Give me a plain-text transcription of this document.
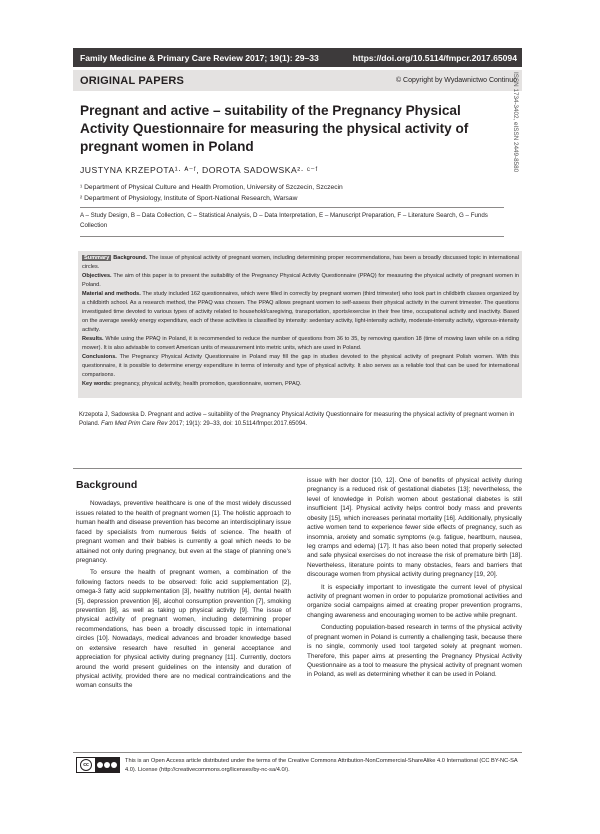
Family Medicine & Primary Care Review 2017; 19(1): 29–33	https://doi.org/10.5114/fmpcr.2017.65094
ORIGINAL PAPERS	© Copyright by Wydawnictwo Continuo
ISSN 1734-3402, eISSN 2449-8580
Pregnant and active – suitability of the Pregnancy Physical Activity Questionnaire for measuring the physical activity of pregnant women in Poland
JUSTYNA KRZEPOTA¹· ᴬ⁻ᶠ, DOROTA SADOWSKA²· ᶜ⁻ᶠ
¹ Department of Physical Culture and Health Promotion, University of Szczecin, Szczecin
² Department of Physiology, Institute of Sport-National Research, Warsaw
A – Study Design, B – Data Collection, C – Statistical Analysis, D – Data Interpretation, E – Manuscript Preparation, F – Literature Search, G – Funds Collection

Summary Background. The issue of physical activity of pregnant women, including determining proper recommendations, has been a broadly discussed topic in international circles.

Objectives. The aim of this paper is to present the suitability of the Pregnancy Physical Activity Questionnaire (PPAQ) for measuring the physical activity of pregnant women in Poland.

Material and methods. The study included 162 questionnaires, which were filled in correctly by pregnant women (third trimester) who took part in childbirth classes organized by a childbirth school. As a research method, the PPAQ was chosen. The PPAQ allows pregnant women to self-assess their physical activity in the current trimester. The questions investigated time devoted to various types of activity related to household/caregiving, transportation, sports/exercise in their free time, occupational activity and inactivity. Based on the average weekly energy expenditure, each of these activities is classified by intensity: sedentary activity, light-intensity activity, moderate-intensity activity, vigorous-intensity activity.

Results. While using the PPAQ in Poland, it is recommended to reduce the number of questions from 36 to 35, by removing question 18 (time of mowing lawn while on a riding mower). It is also advisable to convert American units of measurement into metric units, which are used in Poland.

Conclusions. The Pregnancy Physical Activity Questionnaire in Poland may fill the gap in studies devoted to the physical activity of pregnant Polish women. With this questionnaire, it is possible to determine energy expenditure in terms of intensity and type of physical activity. It also serves as a reliable tool that can be used for international comparisons.

Key words: pregnancy, physical activity, health promotion, questionnaire, women, PPAQ.

Krzepota J, Sadowska D. Pregnant and active – suitability of the Pregnancy Physical Activity Questionnaire for measuring the physical activity of pregnant women in Poland. Fam Med Prim Care Rev 2017; 19(1): 29–33, doi: 10.5114/fmpcr.2017.65094.
Background

Nowadays, preventive healthcare is one of the most widely discussed issues related to the health of pregnant women [1]. The holistic approach to human health and disease prevention has become an interdisciplinary issue faced by specialists from numerous fields of science. The health of pregnant women and their babies is currently a goal which needs to be attained not only during pregnancy, but even at the stage of planning one's pregnancy.

To ensure the health of pregnant women, a combination of the following factors needs to be observed: folic acid supplementation [2], omega-3 fatty acid supplementation [3], healthy nutrition [4], dental health [5], depression prevention [6], alcohol consumption prevention [7], smoking prevention [8], as well as taking up physical activity [9]. The issue of physical activity of pregnant women, including determining proper recommendations, has been a broadly discussed topic in international circles [10]. Nowadays, medical advances and broader knowledge based on extensive research have resulted in general acceptance and appreciation for physical activity during pregnancy [11]. Currently, doctors around the world present guidelines on the intensity and duration of physical activity, provided there are no medical contraindications and the woman consults the

issue with her doctor [10, 12]. One of benefits of physical activity during pregnancy is a reduced risk of gestational diabetes [13]; nevertheless, the level of knowledge in Polish women about gestational diabetes is still insufficient [14]. Physical activity helps control body mass and prevents obesity [15], which increases perinatal mortality [16]. Additionally, physically active women tend to experience fewer side effects of pregnancy, such as insomnia, anxiety and somatic symptoms (e.g. fatigue, heartburn, nausea, leg cramps and edema) [17]. It has also been noted that properly selected and safe physical exercises do not increase the risk of premature birth [18]. Nevertheless, literature points to many obstacles, fears and barriers that discourage women from physical activity during pregnancy [19, 20].

It is especially important to investigate the current level of physical activity of pregnant women in order to popularize promotional activities and organize social campaigns aimed at creating proper prevention programs, changing awareness and encouraging women to be active while pregnant.

Conducting population-based research in terms of the physical activity of pregnant women in Poland is currently a challenging task, because there is no single, commonly used tool targeted solely at pregnant women. Therefore, this paper aims at presenting the Pregnancy Physical Activity Questionnaire as a tool to measure the physical activity of pregnant women in Poland, as well as determining whether it can be used in Poland.

cc
This is an Open Access article distributed under the terms of the Creative Commons Attribution-NonCommercial-ShareAlike 4.0 International (CC BY-NC-SA 4.0). License (http://creativecommons.org/licenses/by-nc-sa/4.0/).
